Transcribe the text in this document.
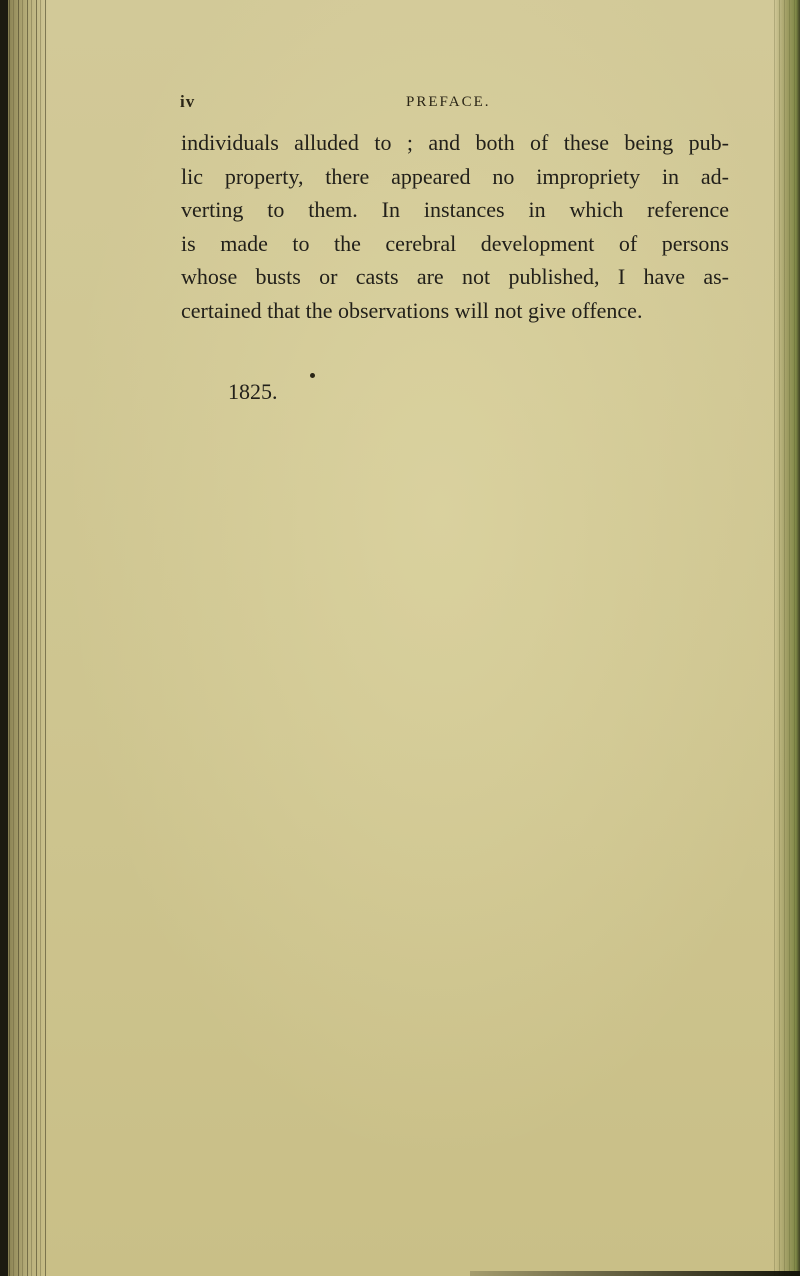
iv	PREFACE.
individuals alluded to ; and both of these being pub-
lic property, there appeared no impropriety in ad-
verting to them. In instances in which reference
is made to the cerebral development of persons
whose busts or casts are not published, I have as-
certained that the observations will not give offence.
1825.
